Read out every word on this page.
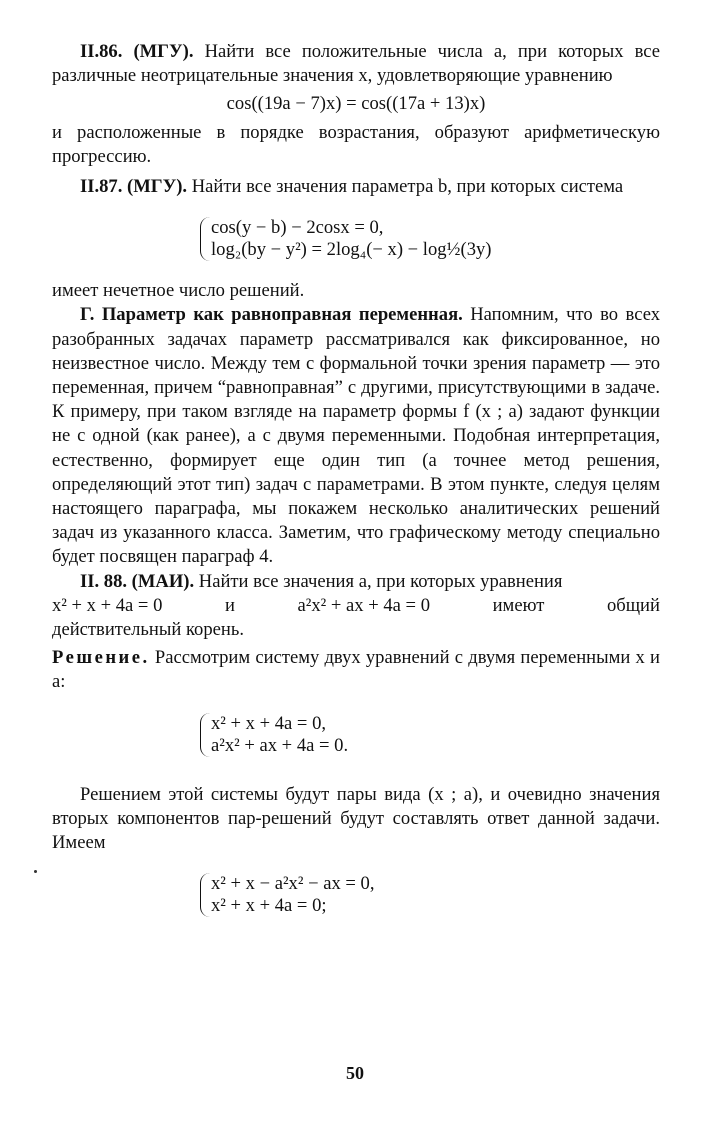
II.86. (МГУ). Найти все положительные числа a, при которых все различные неотрицательные значения x, удовлетворяющие уравнению

cos((19a − 7)x) = cos((17a + 13)x)

и расположенные в порядке возрастания, образуют арифметическую прогрессию.

II.87. (МГУ). Найти все значения параметра b, при которых система

cos(y − b) − 2cosx = 0,
log₂(by − y²) = 2log₄(− x) − log½(3y)

имеет нечетное число решений.

Г. Параметр как равноправная переменная. Напомним, что во всех разобранных задачах параметр рассматривался как фиксированное, но неизвестное число. Между тем с формальной точки зрения параметр — это переменная, причем “равноправная” с другими, присутствующими в задаче. К примеру, при таком взгляде на параметр формы f (x ; a) задают функции не с одной (как ранее), а с двумя переменными. Подобная интерпретация, естественно, формирует еще один тип (а точнее метод решения, определяющий этот тип) задач с параметрами. В этом пункте, следуя целям настоящего параграфа, мы покажем несколько аналитических решений задач из указанного класса. Заметим, что графическому методу специально будет посвящен параграф 4.

II. 88. (МАИ). Найти все значения a, при которых уравнения

x² + x + 4a = 0	и	a²x² + ax + 4a = 0	имеют	общий

действительный корень.

Решение. Рассмотрим систему двух уравнений с двумя переменными x и a:

x² + x + 4a = 0,
a²x² + ax + 4a = 0.

Решением этой системы будут пары вида (x ; a), и очевидно значения вторых компонентов пар-решений будут составлять ответ данной задачи. Имеем

x² + x − a²x² − ax = 0,
x² + x + 4a = 0;
50
